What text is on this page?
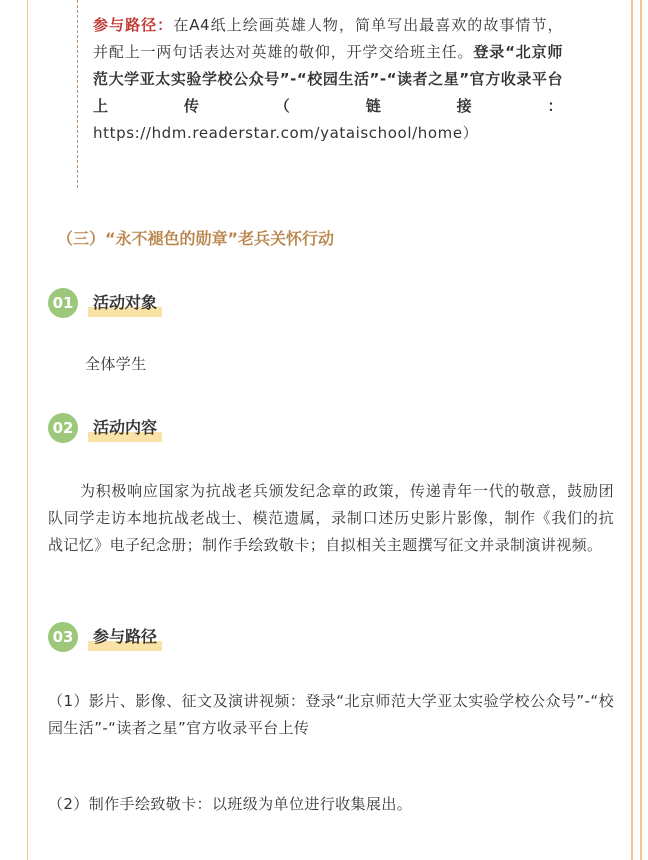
参与路径：在A4纸上绘画英雄人物，简单写出最喜欢的故事情节，并配上一两句话表达对英雄的敬仰，开学交给班主任。登录“北京师范大学亚太实验学校公众号”-“校园生活”-“读者之星”官方收录平台上传（链接：https://hdm.readerstar.com/yataischool/home）
（三）“永不褪色的勋章”老兵关怀行动
01	活动对象
全体学生
02	活动内容
为积极响应国家为抗战老兵颁发纪念章的政策，传递青年一代的敬意，鼓励团队同学走访本地抗战老战士、模范遗属，录制口述历史影片影像，制作《我们的抗战记忆》电子纪念册；制作手绘致敬卡；自拟相关主题撰写征文并录制演讲视频。
03	参与路径
（1）影片、影像、征文及演讲视频：登录“北京师范大学亚太实验学校公众号”-“校园生活”-“读者之星”官方收录平台上传
（2）制作手绘致敬卡：以班级为单位进行收集展出。
